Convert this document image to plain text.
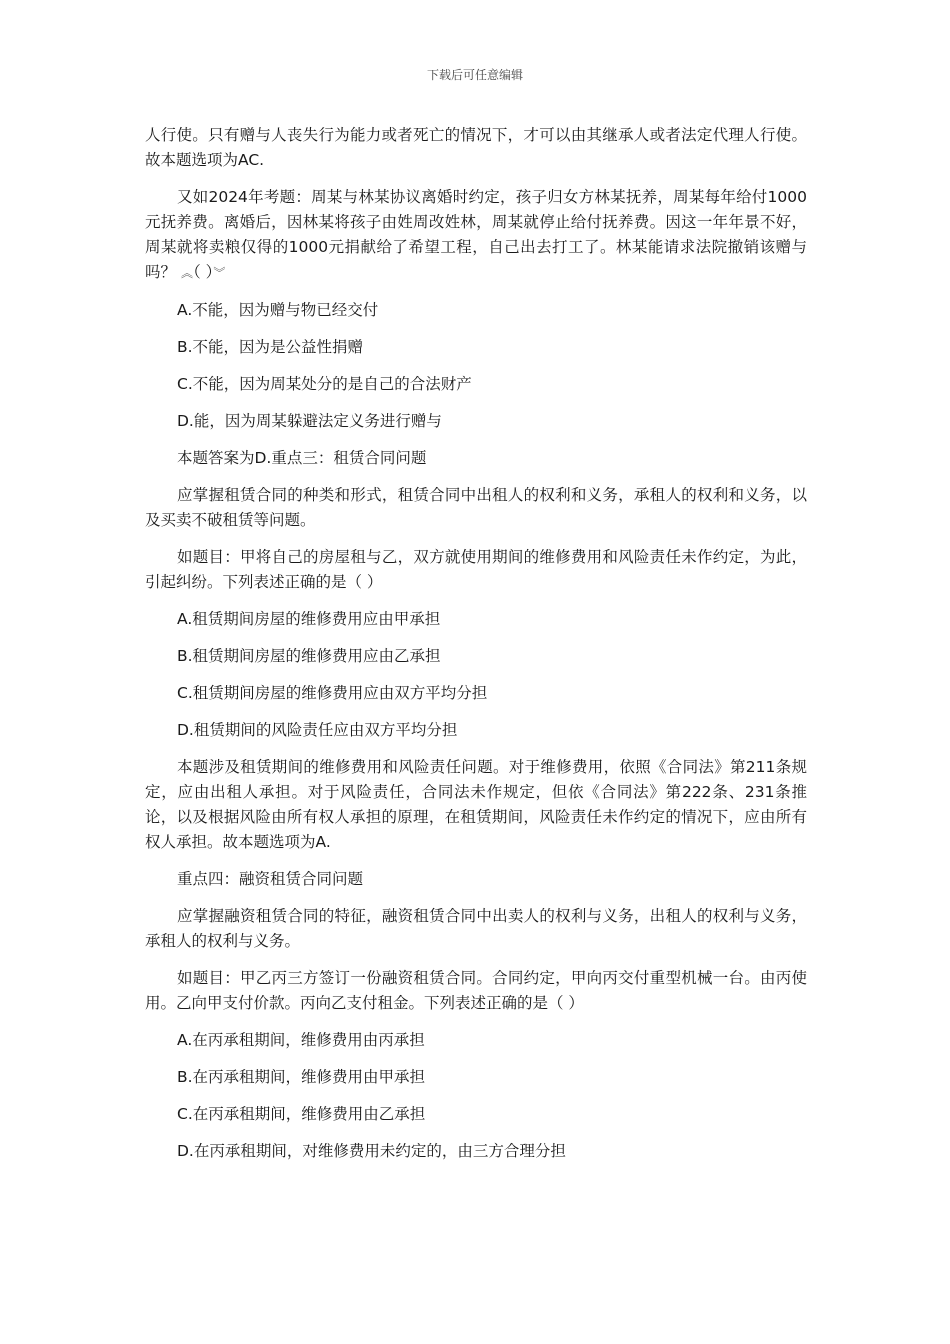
下载后可任意编辑

人行使。只有赠与人丧失行为能力或者死亡的情况下，才可以由其继承人或者法定代理人行使。故本题选项为AC.

又如2024年考题：周某与林某协议离婚时约定，孩子归女方林某抚养，周某每年给付1000元抚养费。离婚后，因林某将孩子由姓周改姓林，周某就停止给付抚养费。因这一年年景不好，周某就将卖粮仅得的1000元捐献给了希望工程，自己出去打工了。林某能请求法院撤销该赠与吗？ ︽（ ）︾

A.不能，因为赠与物已经交付

B.不能，因为是公益性捐赠

C.不能，因为周某处分的是自己的合法财产

D.能，因为周某躲避法定义务进行赠与

本题答案为D.重点三：租赁合同问题

应掌握租赁合同的种类和形式，租赁合同中出租人的权利和义务，承租人的权利和义务，以及买卖不破租赁等问题。

如题目：甲将自己的房屋租与乙，双方就使用期间的维修费用和风险责任未作约定，为此，引起纠纷。下列表述正确的是（ ）

A.租赁期间房屋的维修费用应由甲承担

B.租赁期间房屋的维修费用应由乙承担

C.租赁期间房屋的维修费用应由双方平均分担

D.租赁期间的风险责任应由双方平均分担

本题涉及租赁期间的维修费用和风险责任问题。对于维修费用，依照《合同法》第211条规定，应由出租人承担。对于风险责任，合同法未作规定，但依《合同法》第222条、231条推论，以及根据风险由所有权人承担的原理，在租赁期间，风险责任未作约定的情况下，应由所有权人承担。故本题选项为A.

重点四：融资租赁合同问题

应掌握融资租赁合同的特征，融资租赁合同中出卖人的权利与义务，出租人的权利与义务，承租人的权利与义务。

如题目：甲乙丙三方签订一份融资租赁合同。合同约定，甲向丙交付重型机械一台。由丙使用。乙向甲支付价款。丙向乙支付租金。下列表述正确的是（ ）

A.在丙承租期间，维修费用由丙承担

B.在丙承租期间，维修费用由甲承担

C.在丙承租期间，维修费用由乙承担

D.在丙承租期间，对维修费用未约定的，由三方合理分担
